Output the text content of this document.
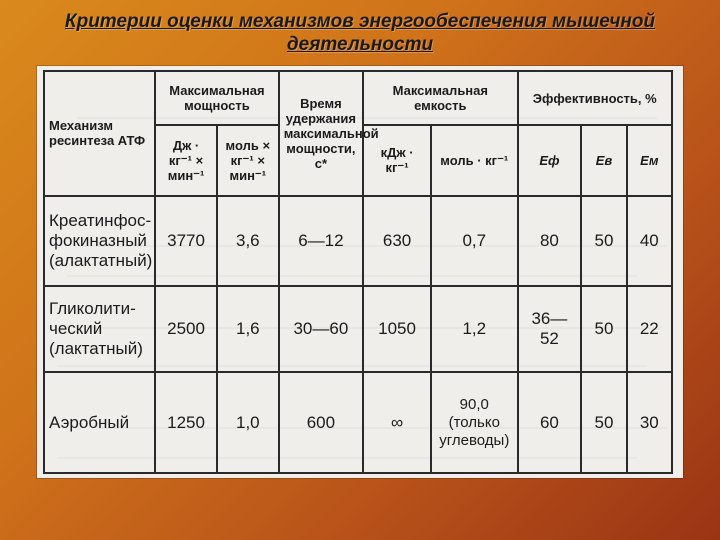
Критерии оценки механизмов энергообеспечения мышечной
деятельности
Механизм ресинтеза АТФ	Максимальная мощность		Время удержания максимальной мощности, с*	Максимальная емкость		Эффективность, %		
	Дж · кг⁻¹ × мин⁻¹	моль × кг⁻¹ × мин⁻¹		кДж · кг⁻¹	моль · кг⁻¹	Eф	Eв	Eм
Креатинфос-фокиназный (алактатный)	3770	3,6	6—12	630	0,7	80	50	40
Гликолити-ческий (лактатный)	2500	1,6	30—60	1050	1,2	36—52	50	22
Аэробный	1250	1,0	600	∞	90,0 (только углеводы)	60	50	30
